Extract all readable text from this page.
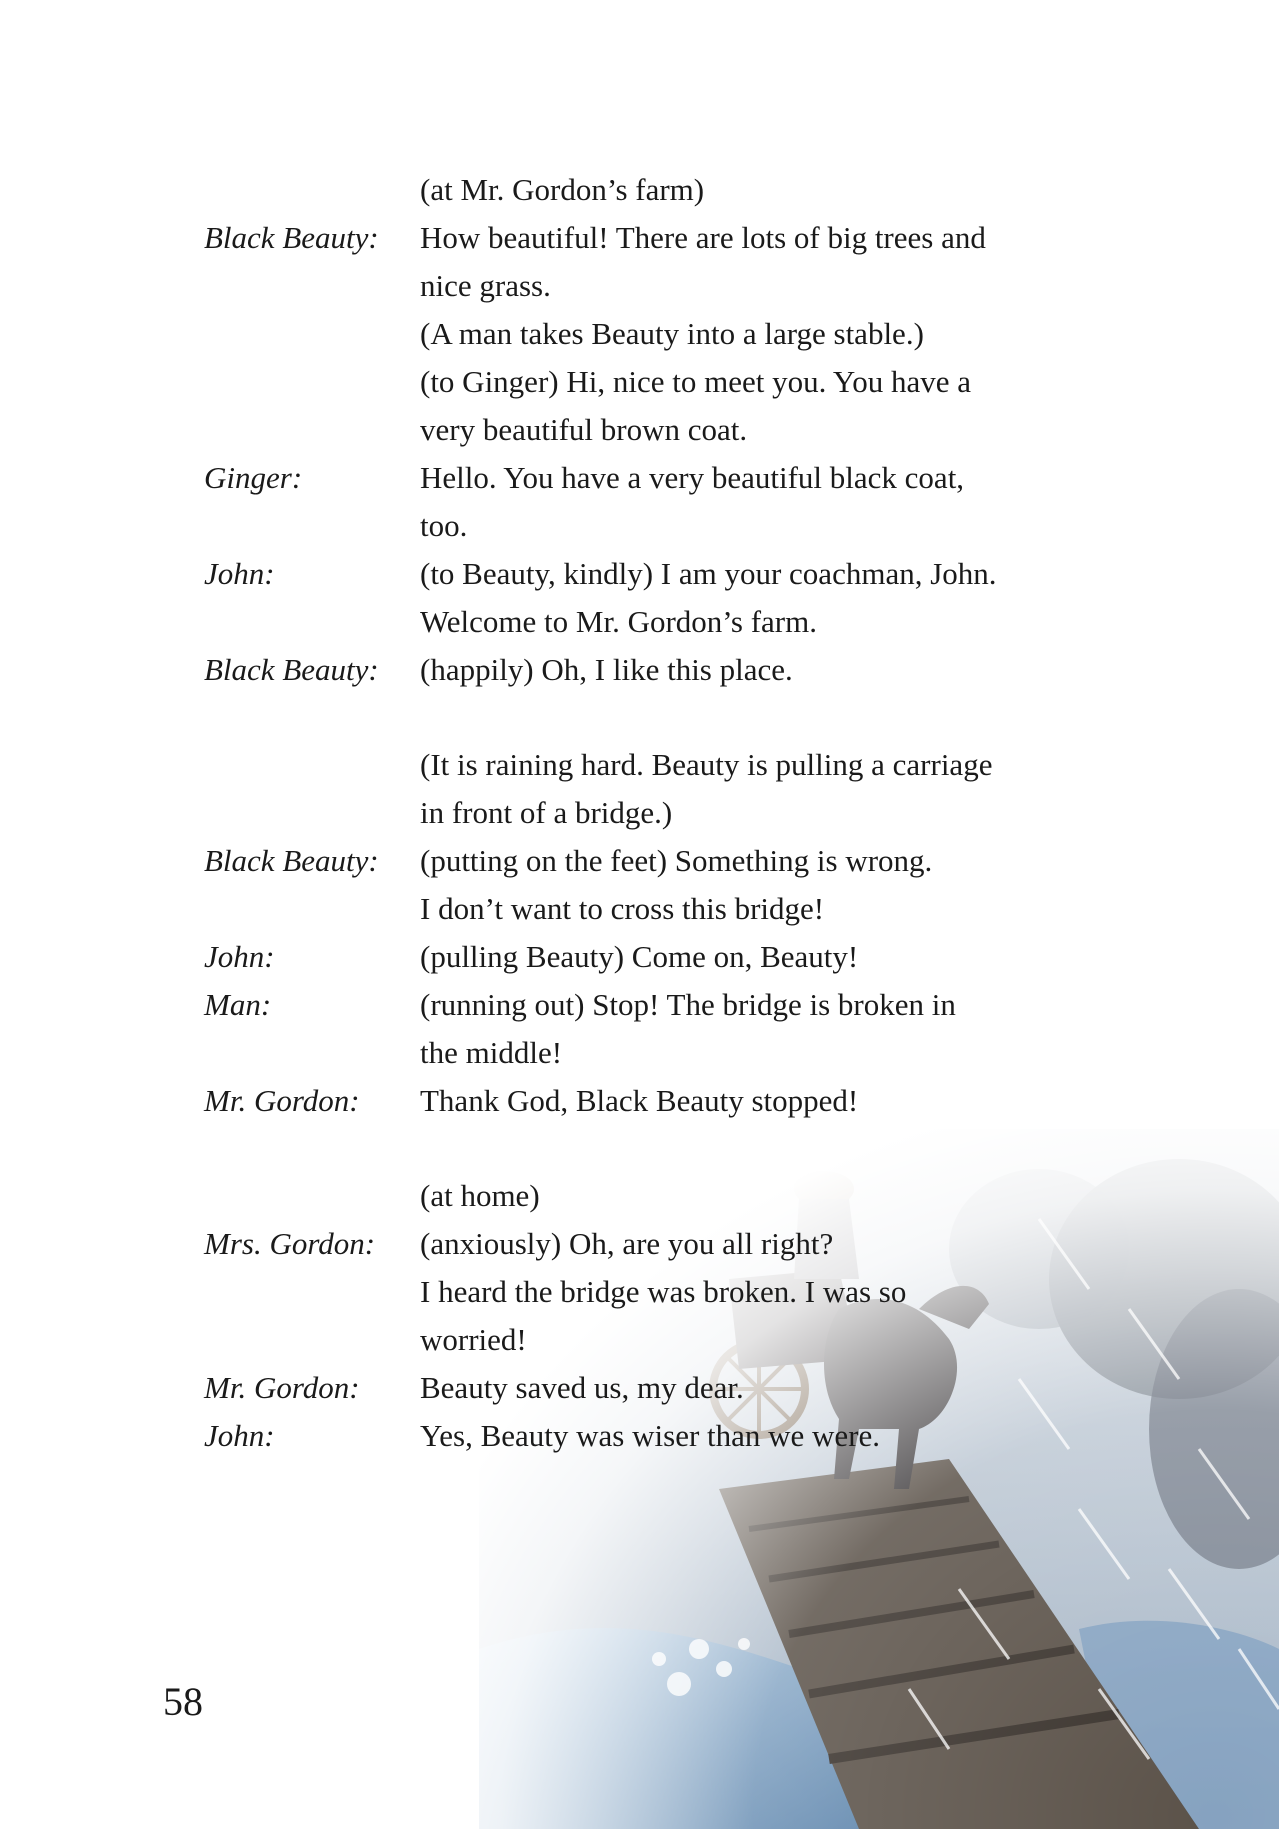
(at Mr. Gordon’s farm)
Black Beauty: How beautiful! There are lots of big trees and
nice grass.
(A man takes Beauty into a large stable.)
(to Ginger) Hi, nice to meet you. You have a
very beautiful brown coat.
Ginger:	Hello. You have a very beautiful black coat,
too.
John:	(to Beauty, kindly) I am your coachman, John.
Welcome to Mr. Gordon’s farm.
Black Beauty: (happily) Oh, I like this place.
(It is raining hard. Beauty is pulling a carriage
in front of a bridge.)
Black Beauty: (putting on the feet) Something is wrong.
I don’t want to cross this bridge!
John:	(pulling Beauty) Come on, Beauty!
Man:	(running out) Stop! The bridge is broken in
the middle!
Mr. Gordon: Thank God, Black Beauty stopped!
(at home)
Mrs. Gordon: (anxiously) Oh, are you all right?
I heard the bridge was broken. I was so
worried!
Mr. Gordon: Beauty saved us, my dear.
John:	Yes, Beauty was wiser than we were.
58
